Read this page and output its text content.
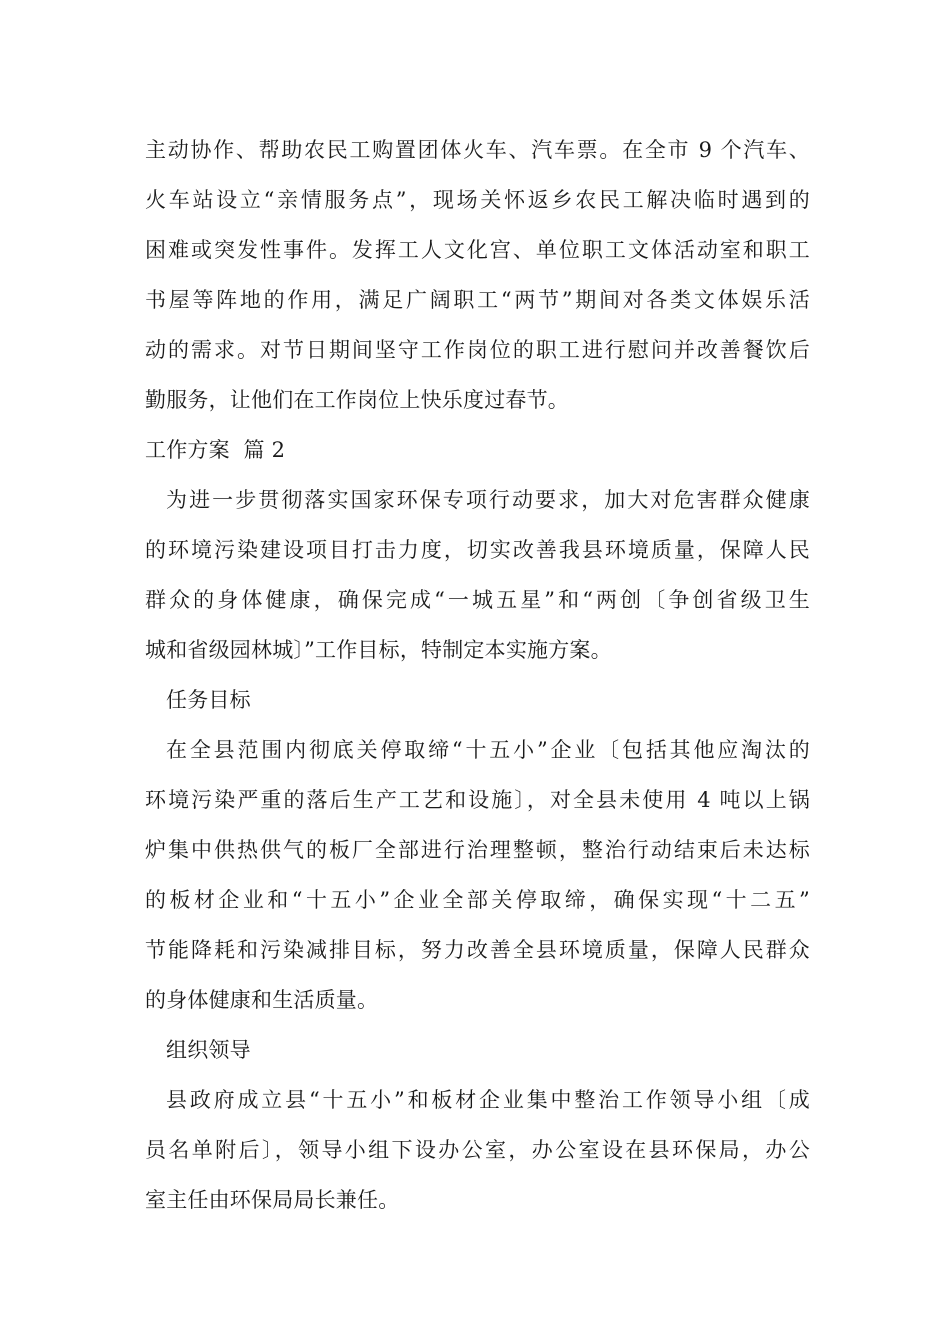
主动协作、帮助农民工购置团体火车、汽车票。在全市 9 个汽车、
火车站设立“亲情服务点”，现场关怀返乡农民工解决临时遇到的
困难或突发性事件。发挥工人文化宫、单位职工文体活动室和职工
书屋等阵地的作用，满足广阔职工“两节”期间对各类文体娱乐活
动的需求。对节日期间坚守工作岗位的职工进行慰问并改善餐饮后
勤服务，让他们在工作岗位上快乐度过春节。
工作方案  篇 2
为进一步贯彻落实国家环保专项行动要求，加大对危害群众健康
的环境污染建设项目打击力度，切实改善我县环境质量，保障人民
群众的身体健康，确保完成“一城五星”和“两创〔争创省级卫生
城和省级园林城〕”工作目标，特制定本实施方案。
任务目标
在全县范围内彻底关停取缔“十五小”企业〔包括其他应淘汰的
环境污染严重的落后生产工艺和设施〕，对全县未使用 4 吨以上锅
炉集中供热供气的板厂全部进行治理整顿，整治行动结束后未达标
的板材企业和“十五小”企业全部关停取缔，确保实现“十二五”
节能降耗和污染减排目标，努力改善全县环境质量，保障人民群众
的身体健康和生活质量。
组织领导
县政府成立县“十五小”和板材企业集中整治工作领导小组〔成
员名单附后〕，领导小组下设办公室，办公室设在县环保局，办公
室主任由环保局局长兼任。
